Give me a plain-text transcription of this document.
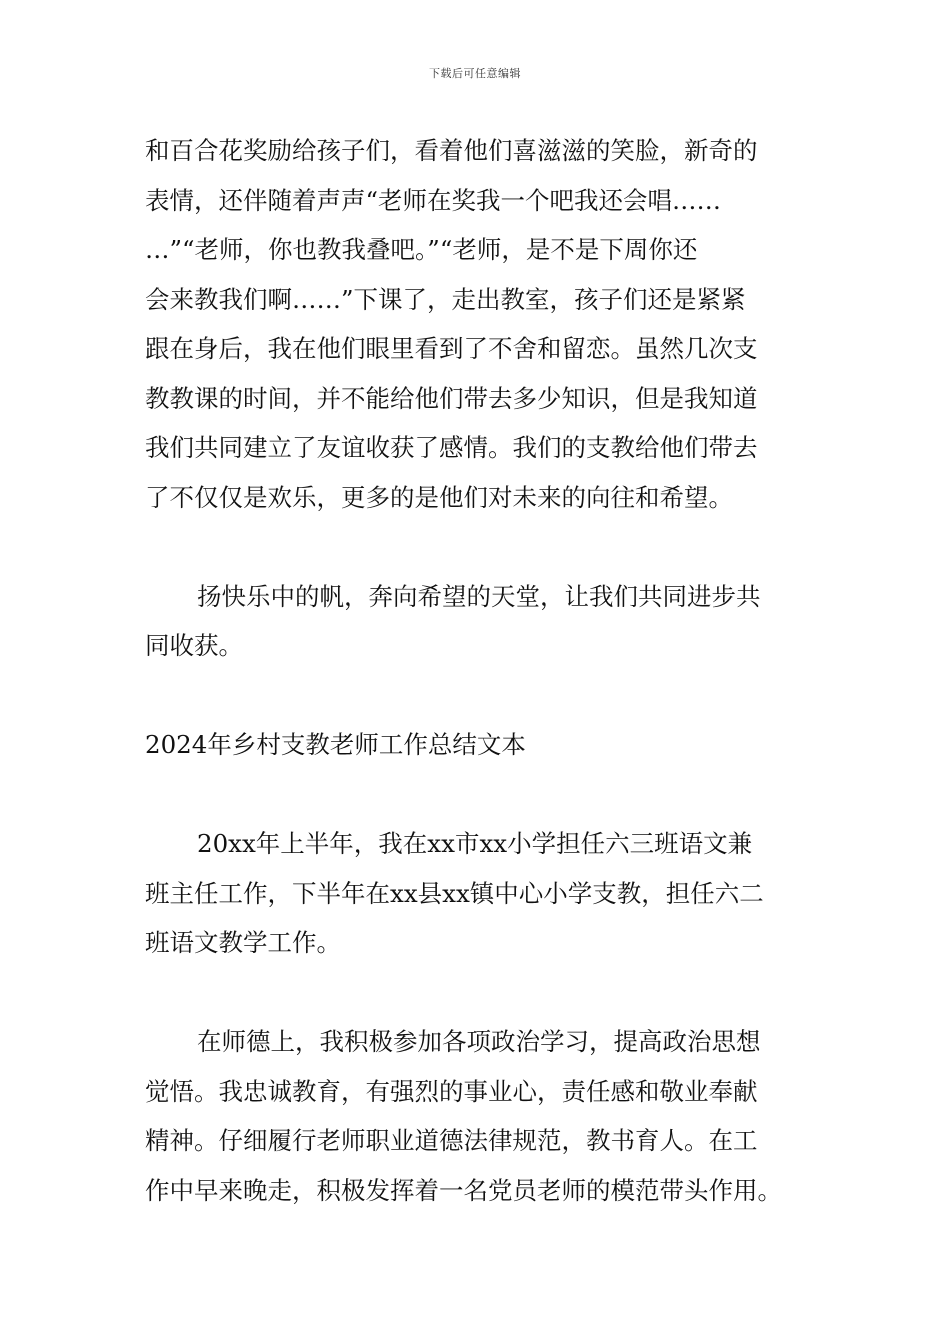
下载后可任意编辑
和百合花奖励给孩子们，看着他们喜滋滋的笑脸，新奇的
表情，还伴随着声声“老师在奖我一个吧我还会唱……
…”“老师，你也教我叠吧。”“老师，是不是下周你还
会来教我们啊……”下课了，走出教室，孩子们还是紧紧
跟在身后，我在他们眼里看到了不舍和留恋。虽然几次支
教教课的时间，并不能给他们带去多少知识，但是我知道
我们共同建立了友谊收获了感情。我们的支教给他们带去
了不仅仅是欢乐，更多的是他们对未来的向往和希望。
扬快乐中的帆，奔向希望的天堂，让我们共同进步共
同收获。
2024年乡村支教老师工作总结文本
20xx年上半年，我在xx市xx小学担任六三班语文兼
班主任工作，下半年在xx县xx镇中心小学支教，担任六二
班语文教学工作。
在师德上，我积极参加各项政治学习，提高政治思想
觉悟。我忠诚教育，有强烈的事业心，责任感和敬业奉献
精神。仔细履行老师职业道德法律规范，教书育人。在工
作中早来晚走，积极发挥着一名党员老师的模范带头作用。
